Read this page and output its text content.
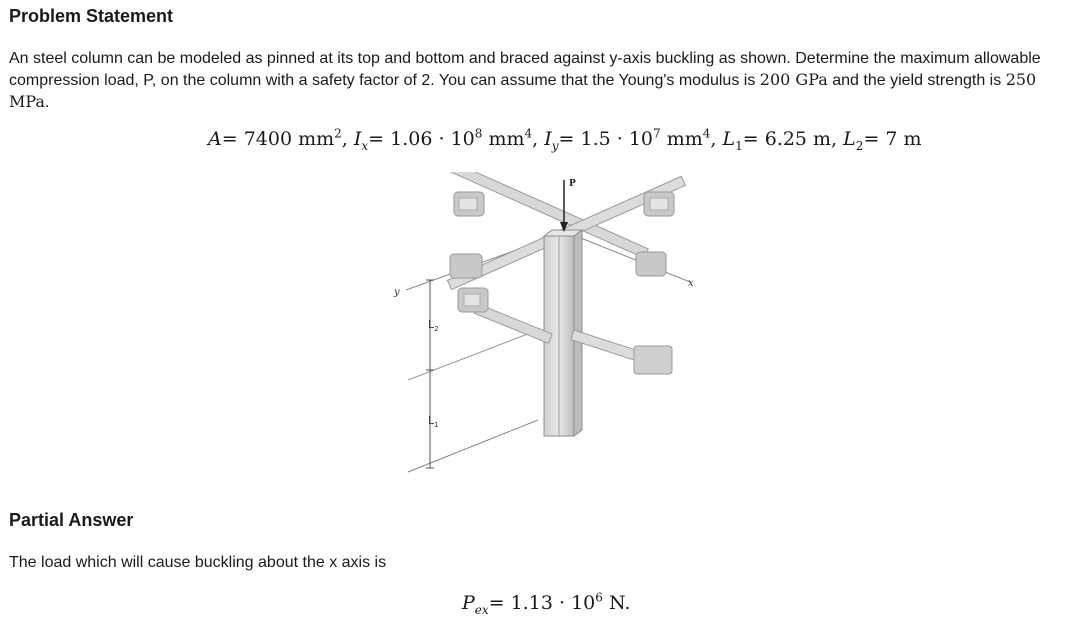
Problem Statement

An steel column can be modeled as pinned at its top and bottom and braced against y-axis buckling as shown. Determine the maximum allowable compression load, P, on the column with a safety factor of 2. You can assume that the Young's modulus is 200 GPa and the yield strength is 250 MPa.

A= 7400 $mm^2$, $I_x= 1.06 \cdot 10^8$ $mm^4$, $I_y= 1.5 \cdot 10^7$ $mm^4$, $L_1= 6.25$ m, $L_2= 7$ m
P
y
x
$L_2$
$L_1$
Partial Answer

The load which will cause buckling about the x axis is

$P_{ex}= 1.13 \cdot 10^6$ N.
